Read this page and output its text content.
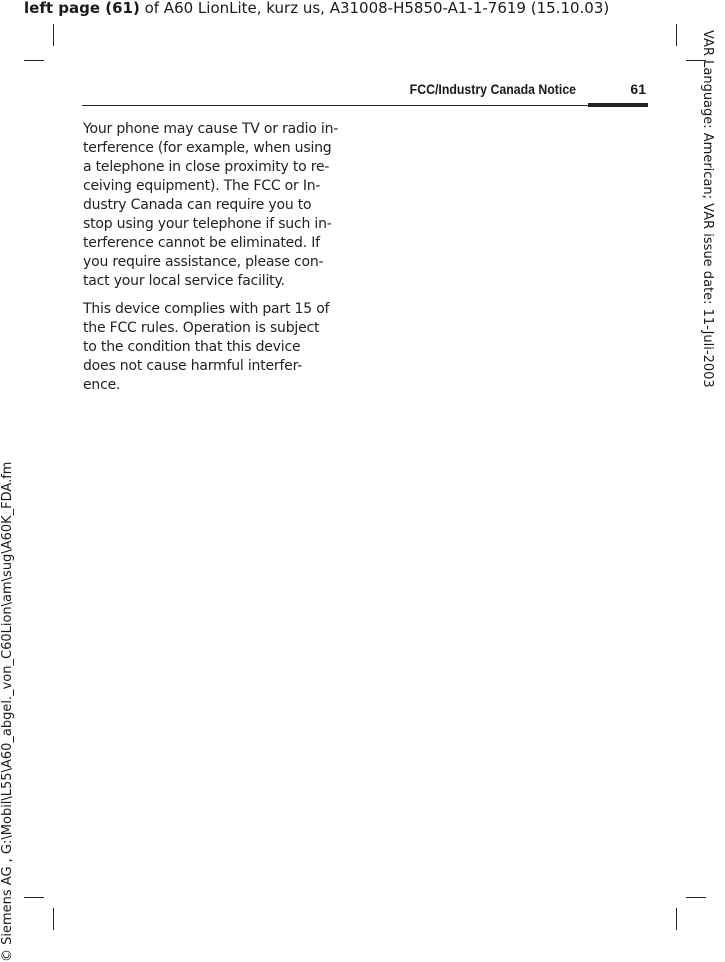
left page (61) of A60 LionLite, kurz us, A31008-H5850-A1-1-7619 (15.10.03)
VAR Language: American; VAR issue date: 11-Juli-2003
© Siemens AG , G:\Mobil\L55\A60_abgel._von_C60Lion\am\sug\A60K_FDA.fm
FCC/Industry Canada Notice	61

Your phone may cause TV or radio in-
terference (for example, when using
a telephone in close proximity to re-
ceiving equipment). The FCC or In-
dustry Canada can require you to
stop using your telephone if such in-
terference cannot be eliminated. If
you require assistance, please con-
tact your local service facility.

This device complies with part 15 of
the FCC rules. Operation is subject
to the condition that this device
does not cause harmful interfer-
ence.
